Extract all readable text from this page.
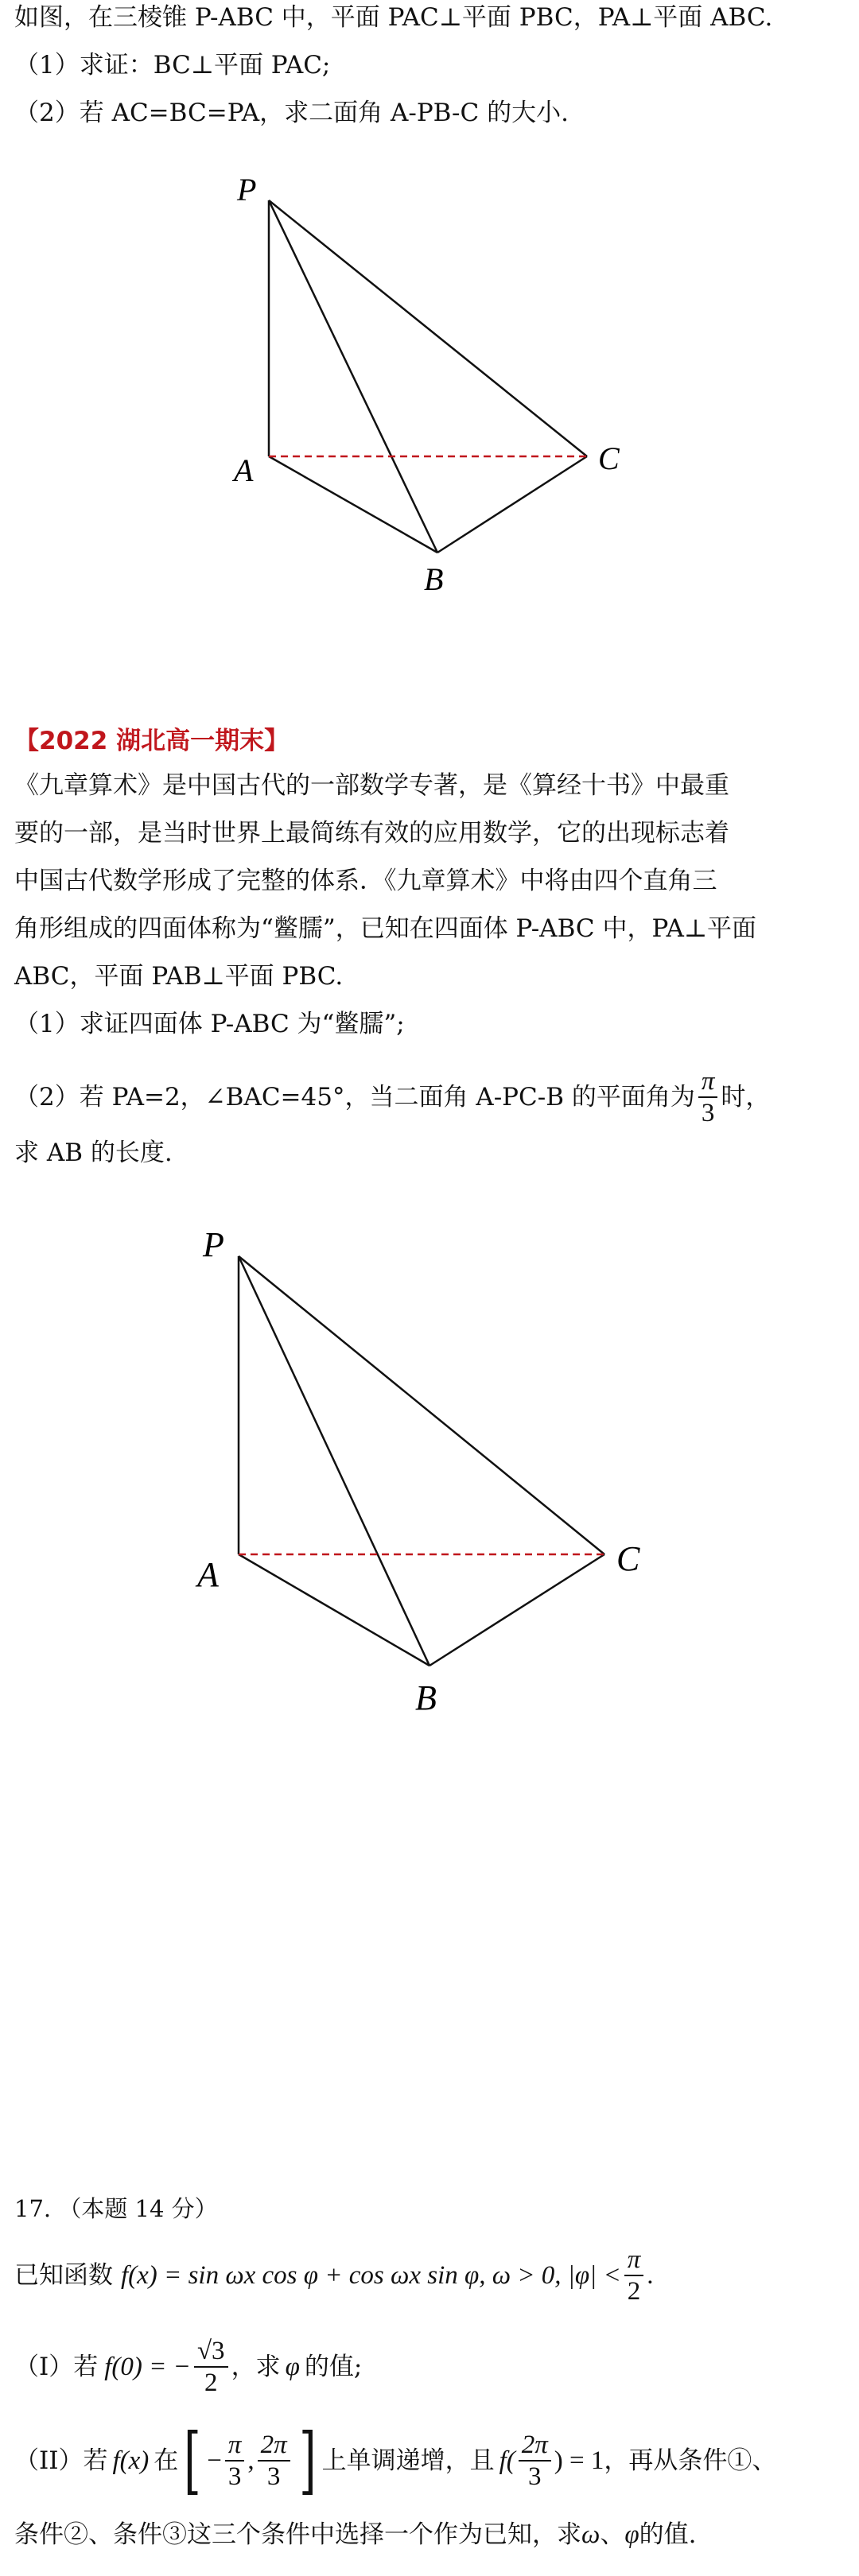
如图，在三棱锥 P-ABC 中，平面 PAC⊥平面 PBC，PA⊥平面 ABC.
（1）求证：BC⊥平面 PAC;
（2）若 AC=BC=PA，求二面角 A-PB-C 的大小.
P
A
B
C
【2022 湖北高一期末】
《九章算术》是中国古代的一部数学专著，是《算经十书》中最重
要的一部，是当时世界上最简练有效的应用数学，它的出现标志着
中国古代数学形成了完整的体系．《九章算术》中将由四个直角三
角形组成的四面体称为“鳖臑”，已知在四面体 P-ABC 中，PA⊥平面
ABC，平面 PAB⊥平面 PBC.
（1）求证四面体 P-ABC 为“鳖臑”;
（2）若 PA=2，∠BAC=45°，当二面角 A-PC-B 的平面角为 $\frac{\pi}{3}$ 时，
求 AB 的长度.
P
A
B
C
17. （本题 14 分）
已知函数 f(x) = sin ωx cos φ + cos ωx sin φ, ω > 0, $|\varphi| < \frac{\pi}{2}$ .
（I）若 f(0) = − $\frac{√3}{2}$ ，求 φ 的值;
（II）若 f(x) 在 [ − $\frac{\pi}{3}$ , $\frac{2\pi}{3}$ ] 上单调递增，且 $f( \frac{2\pi}{3}$ ) = 1 ，再从条件①、
条件②、条件③这三个条件中选择一个作为已知，求ω、φ的值.
